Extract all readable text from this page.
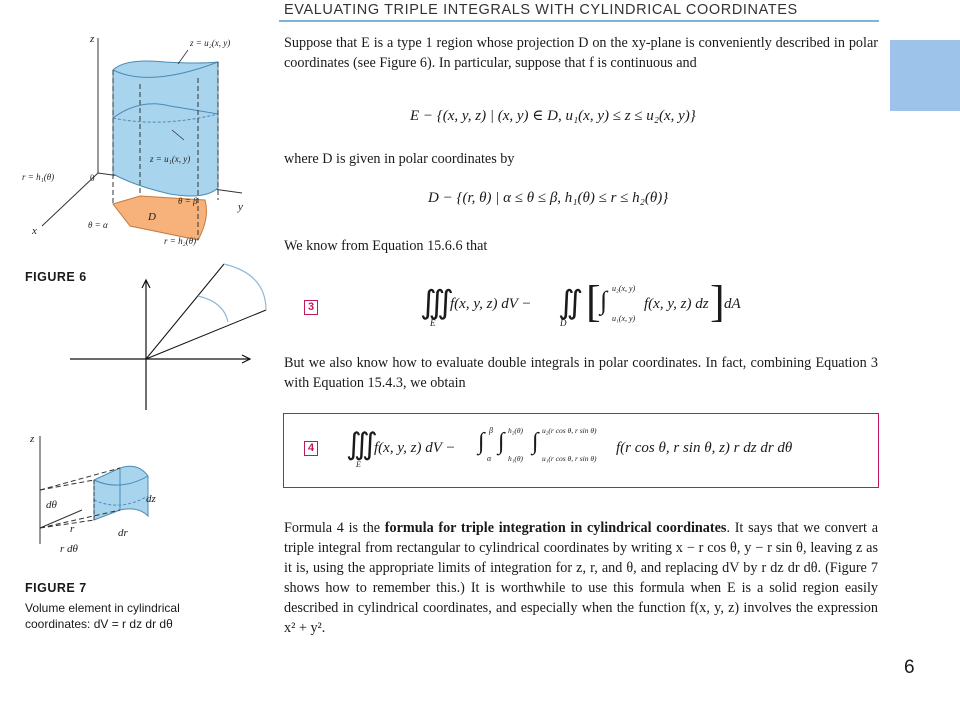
EVALUATING TRIPLE INTEGRALS WITH CYLINDRICAL COORDINATES
Suppose that E is a type 1 region whose projection D on the xy-plane is conveniently described in polar coordinates (see Figure 6). In particular, suppose that f is continuous and
E − {(x, y, z) | (x, y) ∈ D, u₁(x, y) ≤ z ≤ u₂(x, y)}
where D is given in polar coordinates by
D − {(r, θ) | α ≤ θ ≤ β, h₁(θ) ≤ r ≤ h₂(θ)}
We know from Equation 15.6.6 that
3	∭
E
f(x, y, z) dV − ∬
D [ ∫ u₂(x, y)
u₁(x, y)
f(x, y, z) dz ] dA
But we also know how to evaluate double integrals in polar coordinates. In fact, combining Equation 3 with Equation 15.4.3, we obtain
4 ∭
E
f(x, y, z) dV − ∫ β
α
∫ h₂(θ)
h₁(θ)
∫ u₂(r cos θ, r sin θ)
u₁(r cos θ, r sin θ)
f(r cos θ, r sin θ, z) r dz dr dθ
Formula 4 is the formula for triple integration in cylindrical coordinates. It says that we convert a triple integral from rectangular to cylindrical coordinates by writing x − r cos θ, y − r sin θ, leaving z as it is, using the appropriate limits of integration for z, r, and θ, and replacing dV by r dz dr dθ. (Figure 7 shows how to remember this.) It is worthwhile to use this formula when E is a solid region easily described in cylindrical coordinates, and especially when the function f(x, y, z) involves the expression x² + y².
z
x
y
0
z = u₂(x, y)
z = u₁(x, y)
r = h₁(θ)
r = h₂(θ)
θ = β
θ = α
D
FIGURE 6
z
dz
dθ
r	dr
r dθ
FIGURE 7
Volume element in cylindrical
coordinates: dV = r dz dr dθ
6
